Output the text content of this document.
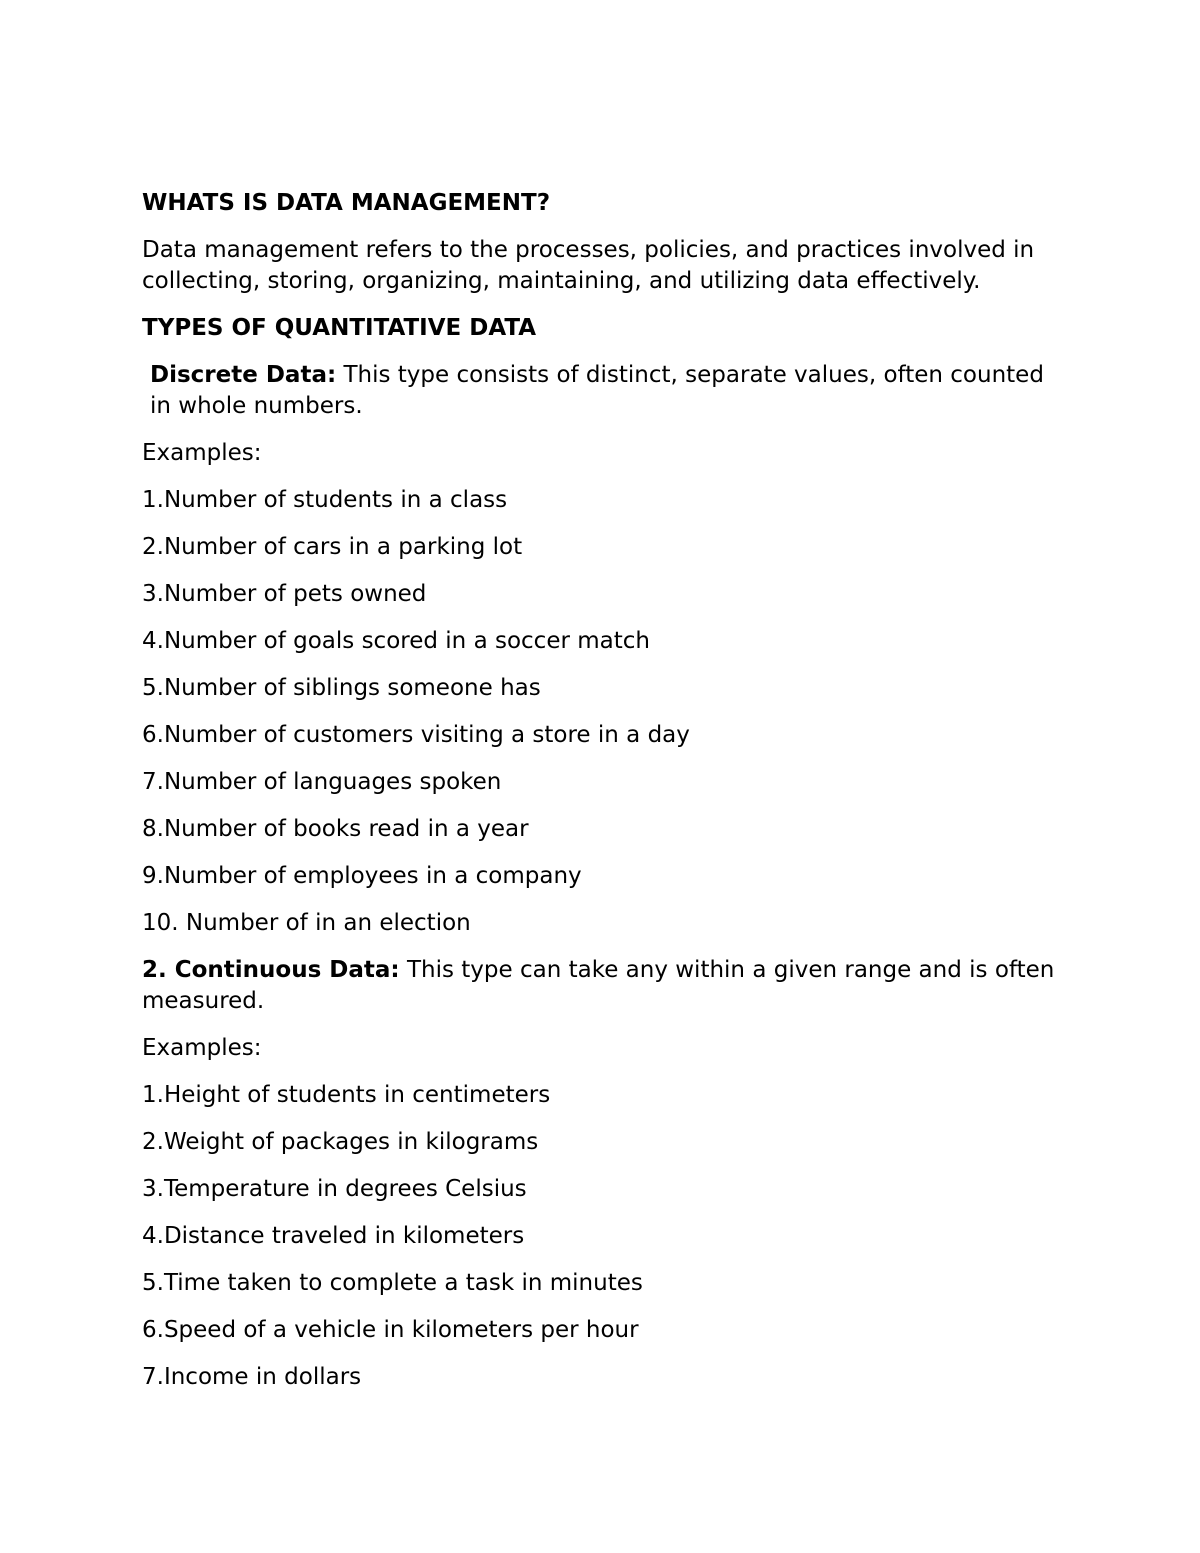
WHATS IS DATA MANAGEMENT?

Data management refers to the processes, policies, and practices involved in collecting, storing, organizing, maintaining, and utilizing data effectively.

TYPES OF QUANTITATIVE DATA

Discrete Data: This type consists of distinct, separate values, often counted in whole numbers.

Examples:

1.Number of students in a class

2.Number of cars in a parking lot

3.Number of pets owned

4.Number of goals scored in a soccer match

5.Number of siblings someone has

6.Number of customers visiting a store in a day

7.Number of languages spoken

8.Number of books read in a year

9.Number of employees in a company

10. Number of in an election

2. Continuous Data: This type can take any within a given range and is often measured.

Examples:

1.Height of students in centimeters

2.Weight of packages in kilograms

3.Temperature in degrees Celsius

4.Distance traveled in kilometers

5.Time taken to complete a task in minutes

6.Speed of a vehicle in kilometers per hour

7.Income in dollars
